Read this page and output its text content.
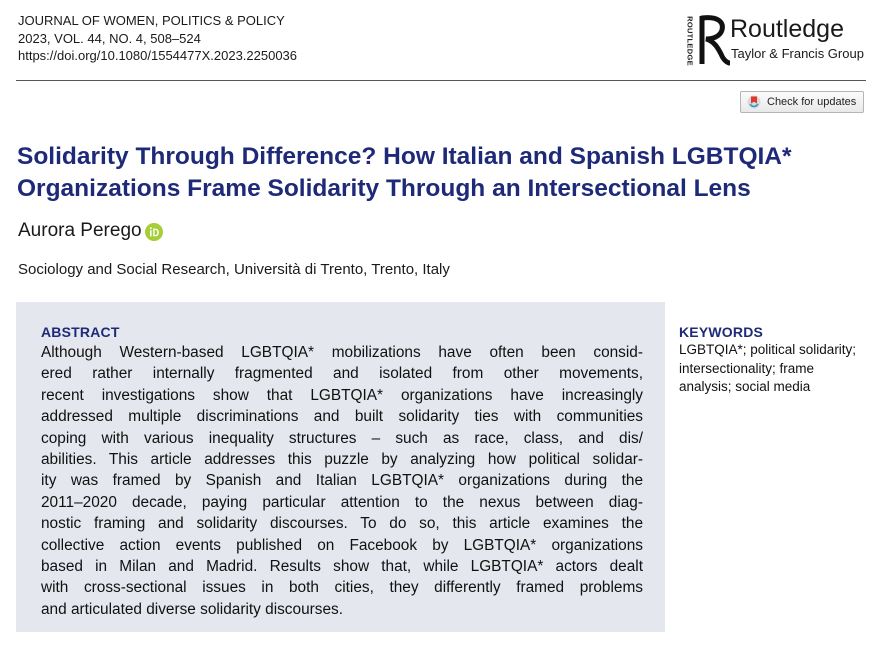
JOURNAL OF WOMEN, POLITICS & POLICY
2023, VOL. 44, NO. 4, 508–524
https://doi.org/10.1080/1554477X.2023.2250036	ROUTLEDGE Routledge
Taylor & Francis Group
Check for updates
Solidarity Through Difference? How Italian and Spanish LGBTQIA*
Organizations Frame Solidarity Through an Intersectional Lens
Aurora Perego
Sociology and Social Research, Università di Trento, Trento, Italy
ABSTRACT
Although Western-based LGBTQIA* mobilizations have often been consid-
ered rather internally fragmented and isolated from other movements,
recent investigations show that LGBTQIA* organizations have increasingly
addressed multiple discriminations and built solidarity ties with communities
coping with various inequality structures – such as race, class, and dis/
abilities. This article addresses this puzzle by analyzing how political solidar-
ity was framed by Spanish and Italian LGBTQIA* organizations during the
2011–2020 decade, paying particular attention to the nexus between diag-
nostic framing and solidarity discourses. To do so, this article examines the
collective action events published on Facebook by LGBTQIA* organizations
based in Milan and Madrid. Results show that, while LGBTQIA* actors dealt
with cross-sectional issues in both cities, they differently framed problems
and articulated diverse solidarity discourses.
KEYWORDS
LGBTQIA*; political solidarity;
intersectionality; frame
analysis; social media
